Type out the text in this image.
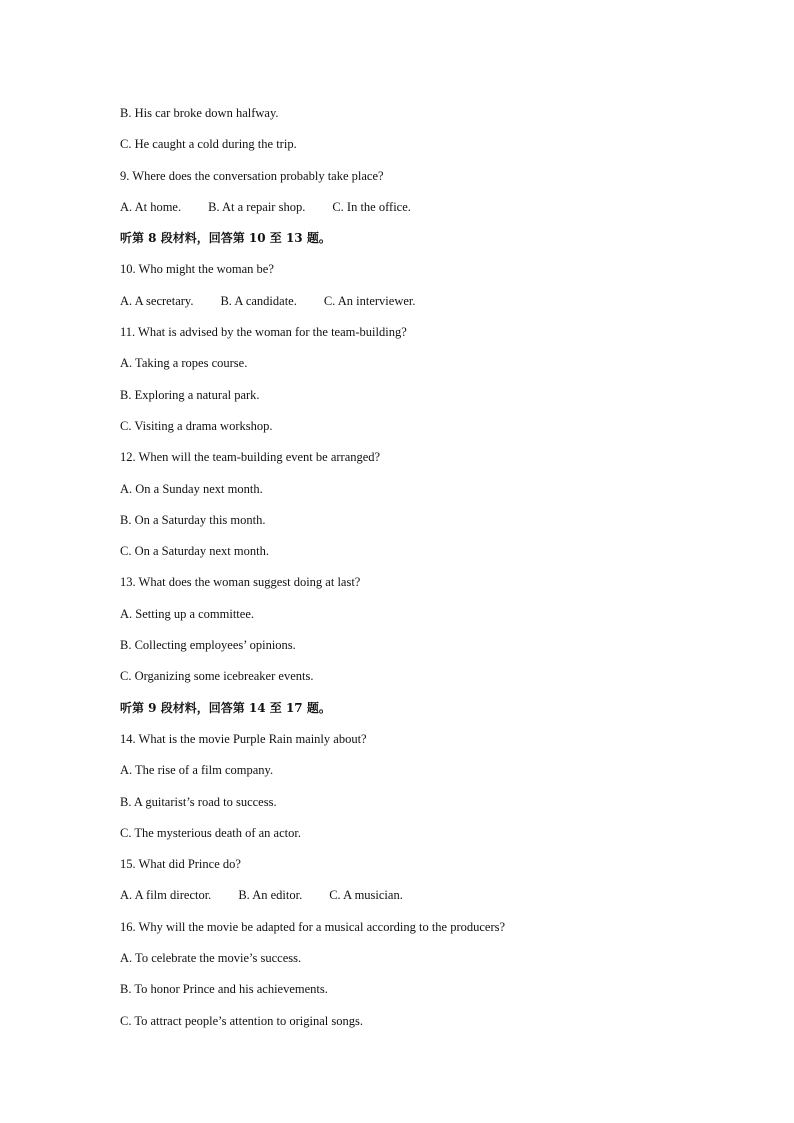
B. His car broke down halfway.
C. He caught a cold during the trip.
9. Where does the conversation probably take place?
A. At home. B. At a repair shop. C. In the office.
听第 8 段材料，回答第 10 至 13 题。
10. Who might the woman be?
A. A secretary. B. A candidate. C. An interviewer.
11. What is advised by the woman for the team-building?
A. Taking a ropes course.
B. Exploring a natural park.
C. Visiting a drama workshop.
12. When will the team-building event be arranged?
A. On a Sunday next month.
B. On a Saturday this month.
C. On a Saturday next month.
13. What does the woman suggest doing at last?
A. Setting up a committee.
B. Collecting employees’ opinions.
C. Organizing some icebreaker events.
听第 9 段材料，回答第 14 至 17 题。
14. What is the movie Purple Rain mainly about?
A. The rise of a film company.
B. A guitarist’s road to success.
C. The mysterious death of an actor.
15. What did Prince do?
A. A film director. B. An editor. C. A musician.
16. Why will the movie be adapted for a musical according to the producers?
A. To celebrate the movie’s success.
B. To honor Prince and his achievements.
C. To attract people’s attention to original songs.
